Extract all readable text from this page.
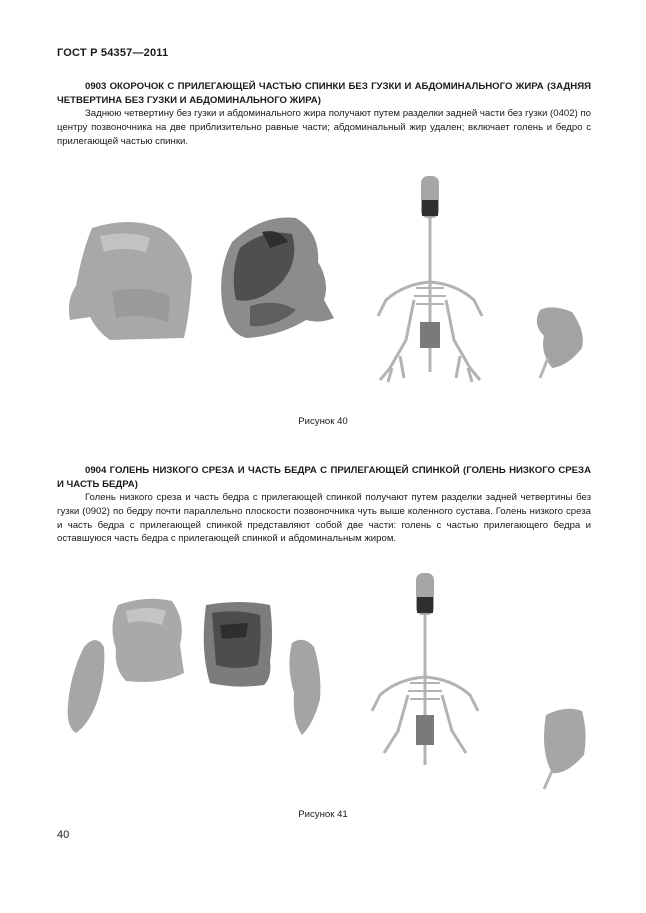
ГОСТ Р 54357—2011
0903 ОКОРОЧОК С ПРИЛЕГАЮЩЕЙ ЧАСТЬЮ СПИНКИ БЕЗ ГУЗКИ И АБДОМИНАЛЬНОГО ЖИРА (ЗАДНЯЯ ЧЕТВЕРТИНА БЕЗ ГУЗКИ И АБДОМИНАЛЬНОГО ЖИРА)
Заднюю четвертину без гузки и абдоминального жира получают путем разделки задней части без гузки (0402) по центру позвоночника на две приблизительно равные части; абдоминальный жир удален; включает голень и бедро с прилегающей частью спинки.
Рисунок 40
0904 ГОЛЕНЬ НИЗКОГО СРЕЗА И ЧАСТЬ БЕДРА С ПРИЛЕГАЮЩЕЙ СПИНКОЙ (ГОЛЕНЬ НИЗКОГО СРЕЗА И ЧАСТЬ БЕДРА)
Голень низкого среза и часть бедра с прилегающей спинкой получают путем разделки задней четвертины без гузки (0902) по бедру почти параллельно плоскости позвоночника чуть выше коленного сустава. Голень низкого среза и часть бедра с прилегающей спинкой представляют собой две части: голень с частью прилегающего бедра и оставшуюся часть бедра с прилегающей спинкой и абдоминальным жиром.
Рисунок 41
40
